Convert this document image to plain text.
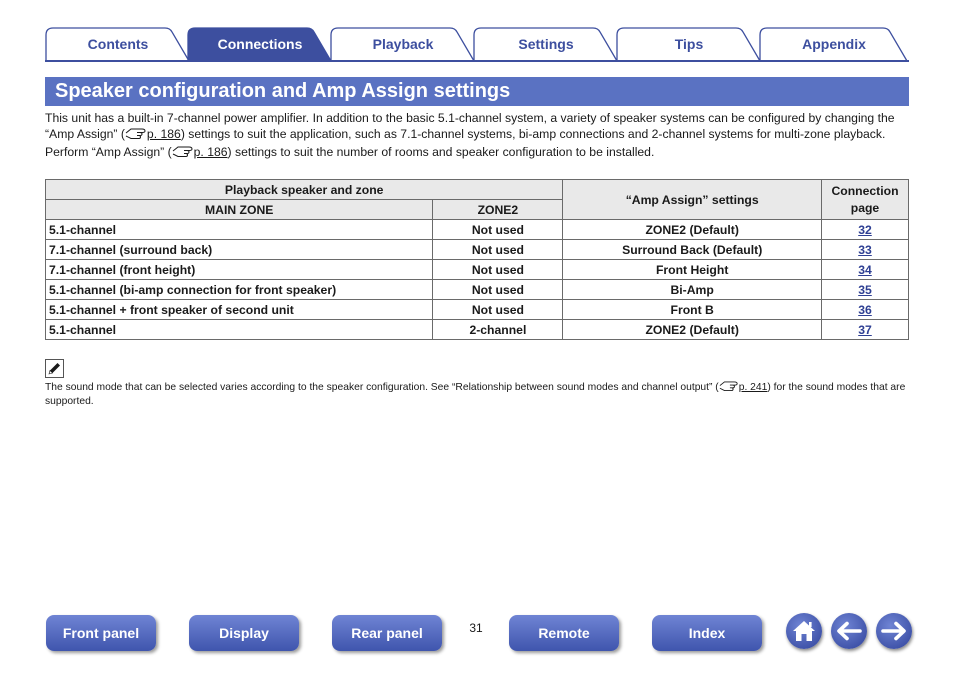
Contents	Connections	Playback	Settings	Tips	Appendix
Speaker configuration and Amp Assign settings

This unit has a built-in 7-channel power amplifier. In addition to the basic 5.1-channel system, a variety of speaker systems can be configured by changing the “Amp Assign” ( p. 186) settings to suit the application, such as 7.1-channel systems, bi-amp connections and 2-channel systems for multi-zone playback.

Perform “Amp Assign” ( p. 186) settings to suit the number of rooms and speaker configuration to be installed.

Playback speaker and zone		“Amp Assign” settings	Connection page
MAIN ZONE	ZONE2		
5.1-channel	Not used	ZONE2 (Default)	32
7.1-channel (surround back)	Not used	Surround Back (Default)	33
7.1-channel (front height)	Not used	Front Height	34
5.1-channel (bi-amp connection for front speaker)	Not used	Bi-Amp	35
5.1-channel + front speaker of second unit	Not used	Front B	36
5.1-channel	2-channel	ZONE2 (Default)	37
The sound mode that can be selected varies according to the speaker configuration. See “Relationship between sound modes and channel output” ( p. 241) for the sound modes that are supported.
Front panel	Display	Rear panel	31	Remote	Index
